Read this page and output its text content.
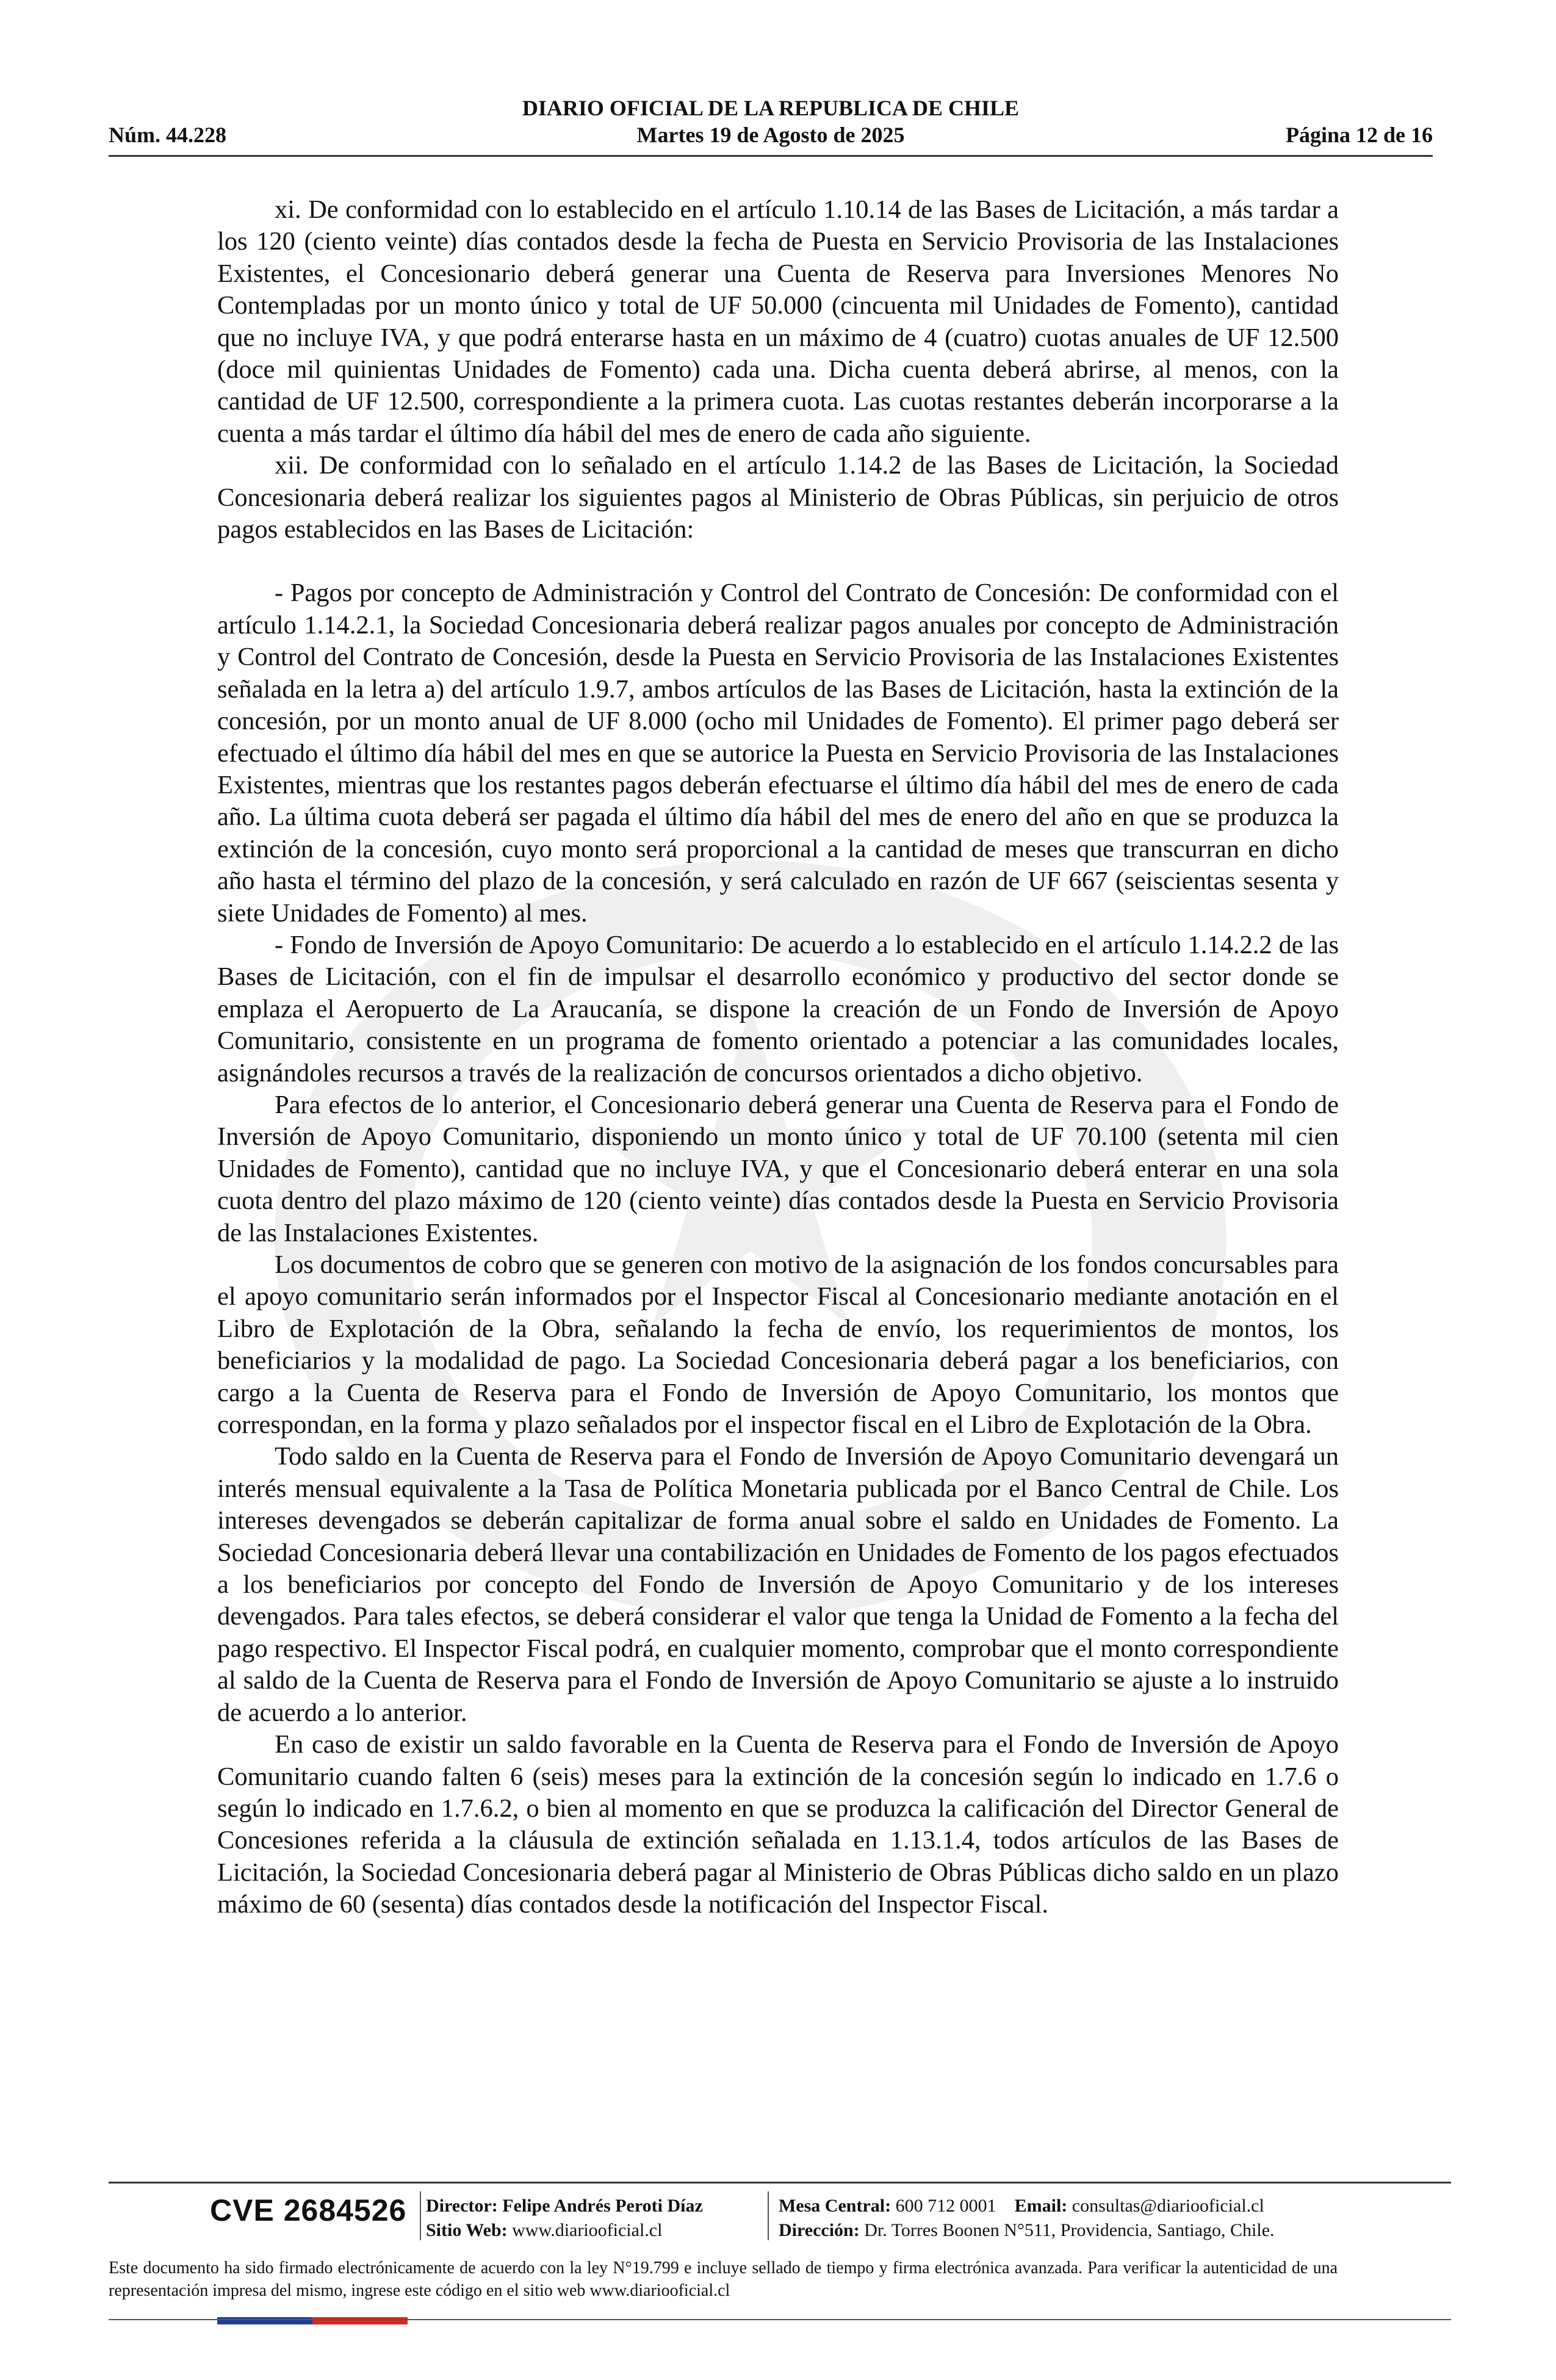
DIARIO OFICIAL DE LA REPUBLICA DE CHILE
Núm. 44.228	Martes 19 de Agosto de 2025	Página 12 de 16

xi. De conformidad con lo establecido en el artículo 1.10.14 de las Bases de Licitación, a más tardar a los 120 (ciento veinte) días contados desde la fecha de Puesta en Servicio Provisoria de las Instalaciones Existentes, el Concesionario deberá generar una Cuenta de Reserva para Inversiones Menores No Contempladas por un monto único y total de UF 50.000 (cincuenta mil Unidades de Fomento), cantidad que no incluye IVA, y que podrá enterarse hasta en un máximo de 4 (cuatro) cuotas anuales de UF 12.500 (doce mil quinientas Unidades de Fomento) cada una. Dicha cuenta deberá abrirse, al menos, con la cantidad de UF 12.500, correspondiente a la primera cuota. Las cuotas restantes deberán incorporarse a la cuenta a más tardar el último día hábil del mes de enero de cada año siguiente.

xii. De conformidad con lo señalado en el artículo 1.14.2 de las Bases de Licitación, la Sociedad Concesionaria deberá realizar los siguientes pagos al Ministerio de Obras Públicas, sin perjuicio de otros pagos establecidos en las Bases de Licitación:

- Pagos por concepto de Administración y Control del Contrato de Concesión: De conformidad con el artículo 1.14.2.1, la Sociedad Concesionaria deberá realizar pagos anuales por concepto de Administración y Control del Contrato de Concesión, desde la Puesta en Servicio Provisoria de las Instalaciones Existentes señalada en la letra a) del artículo 1.9.7, ambos artículos de las Bases de Licitación, hasta la extinción de la concesión, por un monto anual de UF 8.000 (ocho mil Unidades de Fomento). El primer pago deberá ser efectuado el último día hábil del mes en que se autorice la Puesta en Servicio Provisoria de las Instalaciones Existentes, mientras que los restantes pagos deberán efectuarse el último día hábil del mes de enero de cada año. La última cuota deberá ser pagada el último día hábil del mes de enero del año en que se produzca la extinción de la concesión, cuyo monto será proporcional a la cantidad de meses que transcurran en dicho año hasta el término del plazo de la concesión, y será calculado en razón de UF 667 (seiscientas sesenta y siete Unidades de Fomento) al mes.

- Fondo de Inversión de Apoyo Comunitario: De acuerdo a lo establecido en el artículo 1.14.2.2 de las Bases de Licitación, con el fin de impulsar el desarrollo económico y productivo del sector donde se emplaza el Aeropuerto de La Araucanía, se dispone la creación de un Fondo de Inversión de Apoyo Comunitario, consistente en un programa de fomento orientado a potenciar a las comunidades locales, asignándoles recursos a través de la realización de concursos orientados a dicho objetivo.

Para efectos de lo anterior, el Concesionario deberá generar una Cuenta de Reserva para el Fondo de Inversión de Apoyo Comunitario, disponiendo un monto único y total de UF 70.100 (setenta mil cien Unidades de Fomento), cantidad que no incluye IVA, y que el Concesionario deberá enterar en una sola cuota dentro del plazo máximo de 120 (ciento veinte) días contados desde la Puesta en Servicio Provisoria de las Instalaciones Existentes.

Los documentos de cobro que se generen con motivo de la asignación de los fondos concursables para el apoyo comunitario serán informados por el Inspector Fiscal al Concesionario mediante anotación en el Libro de Explotación de la Obra, señalando la fecha de envío, los requerimientos de montos, los beneficiarios y la modalidad de pago. La Sociedad Concesionaria deberá pagar a los beneficiarios, con cargo a la Cuenta de Reserva para el Fondo de Inversión de Apoyo Comunitario, los montos que correspondan, en la forma y plazo señalados por el inspector fiscal en el Libro de Explotación de la Obra.

Todo saldo en la Cuenta de Reserva para el Fondo de Inversión de Apoyo Comunitario devengará un interés mensual equivalente a la Tasa de Política Monetaria publicada por el Banco Central de Chile. Los intereses devengados se deberán capitalizar de forma anual sobre el saldo en Unidades de Fomento. La Sociedad Concesionaria deberá llevar una contabilización en Unidades de Fomento de los pagos efectuados a los beneficiarios por concepto del Fondo de Inversión de Apoyo Comunitario y de los intereses devengados. Para tales efectos, se deberá considerar el valor que tenga la Unidad de Fomento a la fecha del pago respectivo. El Inspector Fiscal podrá, en cualquier momento, comprobar que el monto correspondiente al saldo de la Cuenta de Reserva para el Fondo de Inversión de Apoyo Comunitario se ajuste a lo instruido de acuerdo a lo anterior.

En caso de existir un saldo favorable en la Cuenta de Reserva para el Fondo de Inversión de Apoyo Comunitario cuando falten 6 (seis) meses para la extinción de la concesión según lo indicado en 1.7.6 o según lo indicado en 1.7.6.2, o bien al momento en que se produzca la calificación del Director General de Concesiones referida a la cláusula de extinción señalada en 1.13.1.4, todos artículos de las Bases de Licitación, la Sociedad Concesionaria deberá pagar al Ministerio de Obras Públicas dicho saldo en un plazo máximo de 60 (sesenta) días contados desde la notificación del Inspector Fiscal.

CVE 2684526 Director: Felipe Andrés Peroti Díaz
Sitio Web: www.diariooficial.cl
Mesa Central: 600 712 0001 Email: consultas@diariooficial.cl
Dirección: Dr. Torres Boonen N°511, Providencia, Santiago, Chile.
Este documento ha sido firmado electrónicamente de acuerdo con la ley N°19.799 e incluye sellado de tiempo y firma electrónica avanzada. Para verificar la autenticidad de una representación impresa del mismo, ingrese este código en el sitio web www.diariooficial.cl
